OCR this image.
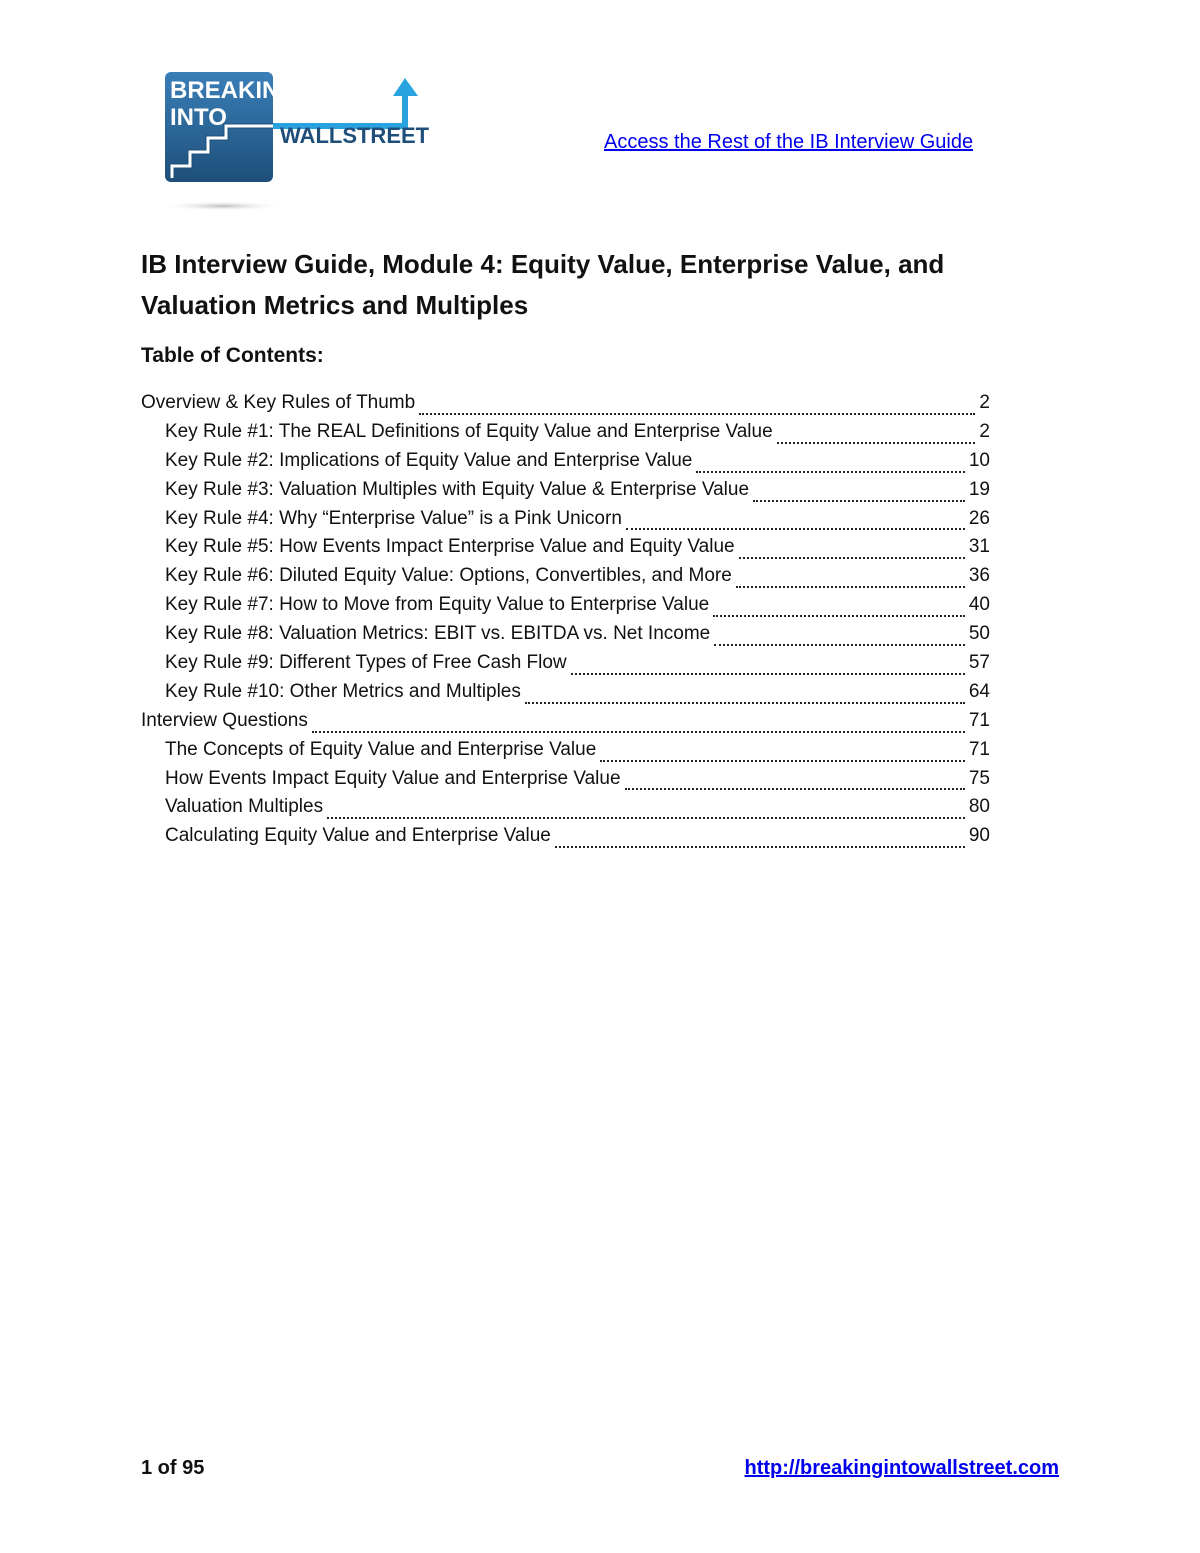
BREAKING
INTO
WALLSTREET	Access the Rest of the IB Interview Guide
IB Interview Guide, Module 4: Equity Value, Enterprise Value, and Valuation Metrics and Multiples
Table of Contents:
Overview & Key Rules of Thumb	2
Key Rule #1: The REAL Definitions of Equity Value and Enterprise Value	2
Key Rule #2: Implications of Equity Value and Enterprise Value	10
Key Rule #3: Valuation Multiples with Equity Value & Enterprise Value	19
Key Rule #4: Why “Enterprise Value” is a Pink Unicorn	26
Key Rule #5: How Events Impact Enterprise Value and Equity Value	31
Key Rule #6: Diluted Equity Value: Options, Convertibles, and More	36
Key Rule #7: How to Move from Equity Value to Enterprise Value	40
Key Rule #8: Valuation Metrics: EBIT vs. EBITDA vs. Net Income	50
Key Rule #9: Different Types of Free Cash Flow	57
Key Rule #10: Other Metrics and Multiples	64
Interview Questions	71
The Concepts of Equity Value and Enterprise Value	71
How Events Impact Equity Value and Enterprise Value	75
Valuation Multiples	80
Calculating Equity Value and Enterprise Value	90
1 of 95	http://breakingintowallstreet.com
